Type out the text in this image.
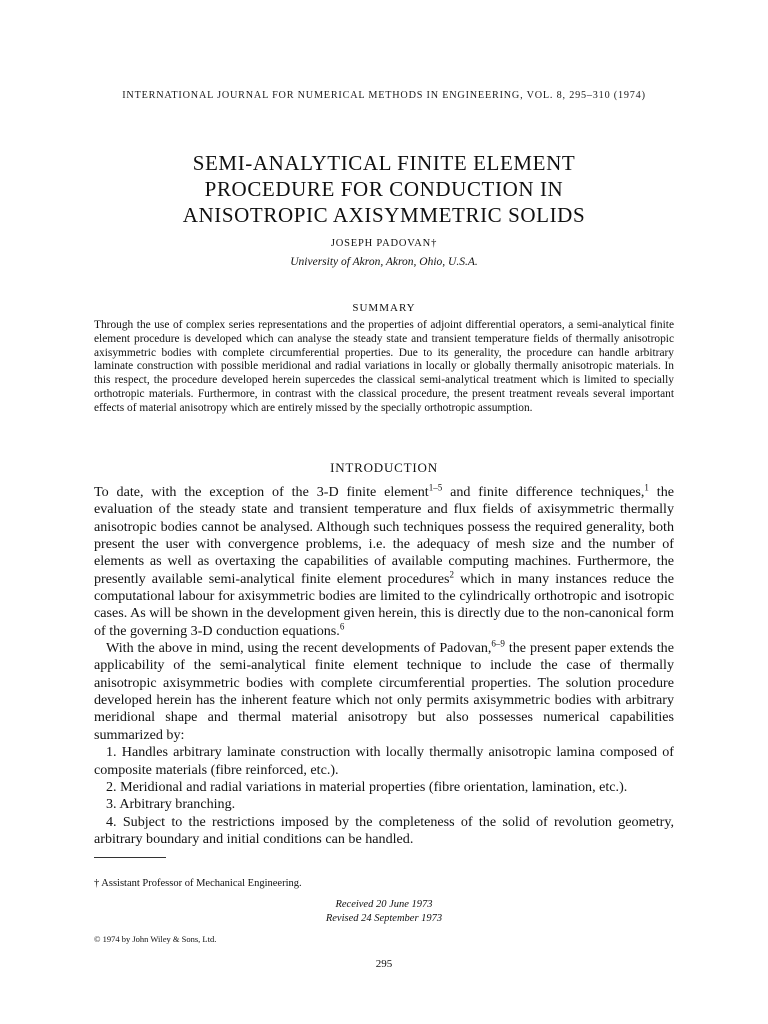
INTERNATIONAL JOURNAL FOR NUMERICAL METHODS IN ENGINEERING, VOL. 8, 295–310 (1974)
SEMI-ANALYTICAL FINITE ELEMENT
PROCEDURE FOR CONDUCTION IN
ANISOTROPIC AXISYMMETRIC SOLIDS
JOSEPH PADOVAN†
University of Akron, Akron, Ohio, U.S.A.
SUMMARY
Through the use of complex series representations and the properties of adjoint differential operators, a semi-analytical finite element procedure is developed which can analyse the steady state and transient temperature fields of thermally anisotropic axisymmetric bodies with complete circumferential properties. Due to its generality, the procedure can handle arbitrary laminate construction with possible meridional and radial variations in locally or globally thermally anisotropic materials. In this respect, the procedure developed herein supercedes the classical semi-analytical treatment which is limited to specially orthotropic materials. Furthermore, in contrast with the classical procedure, the present treatment reveals several important effects of material anisotropy which are entirely missed by the specially orthotropic assumption.
INTRODUCTION

To date, with the exception of the 3-D finite element$^{1-5}$ and finite difference techniques,$^1$ the evaluation of the steady state and transient temperature and flux fields of axisymmetric thermally anisotropic bodies cannot be analysed. Although such techniques possess the required generality, both present the user with convergence problems, i.e. the adequacy of mesh size and the number of elements as well as overtaxing the capabilities of available computing machines. Furthermore, the presently available semi-analytical finite element procedures$^2$ which in many instances reduce the computational labour for axisymmetric bodies are limited to the cylindrically orthotropic and isotropic cases. As will be shown in the development given herein, this is directly due to the non-canonical form of the governing 3-D conduction equations.$^6$

With the above in mind, using the recent developments of Padovan,$^{6-9}$ the present paper extends the applicability of the semi-analytical finite element technique to include the case of thermally anisotropic axisymmetric bodies with complete circumferential properties. The solution procedure developed herein has the inherent feature which not only permits axisymmetric bodies with arbitrary meridional shape and thermal material anisotropy but also possesses numerical capabilities summarized by:

1. Handles arbitrary laminate construction with locally thermally anisotropic lamina composed of composite materials (fibre reinforced, etc.).

2. Meridional and radial variations in material properties (fibre orientation, lamination, etc.).

3. Arbitrary branching.

4. Subject to the restrictions imposed by the completeness of the solid of revolution geometry, arbitrary boundary and initial conditions can be handled.

† Assistant Professor of Mechanical Engineering.
Received 20 June 1973
Revised 24 September 1973
© 1974 by John Wiley & Sons, Ltd.
295
